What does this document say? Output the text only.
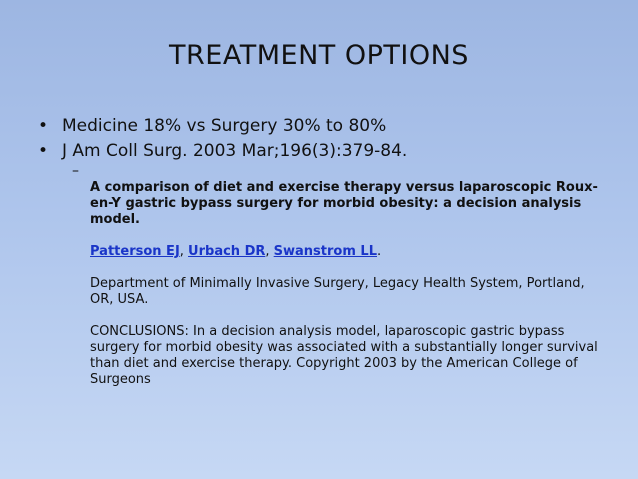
TREATMENT OPTIONS
• Medicine 18% vs Surgery 30% to 80%
• J Am Coll Surg. 2003 Mar;196(3):379-84.
–

A comparison of diet and exercise therapy versus laparoscopic Roux-en-Y gastric bypass surgery for morbid obesity: a decision analysis model.

Patterson EJ, Urbach DR, Swanstrom LL.

Department of Minimally Invasive Surgery, Legacy Health System, Portland, OR, USA.

CONCLUSIONS: In a decision analysis model, laparoscopic gastric bypass surgery for morbid obesity was associated with a substantially longer survival than diet and exercise therapy. Copyright 2003 by the American College of Surgeons
